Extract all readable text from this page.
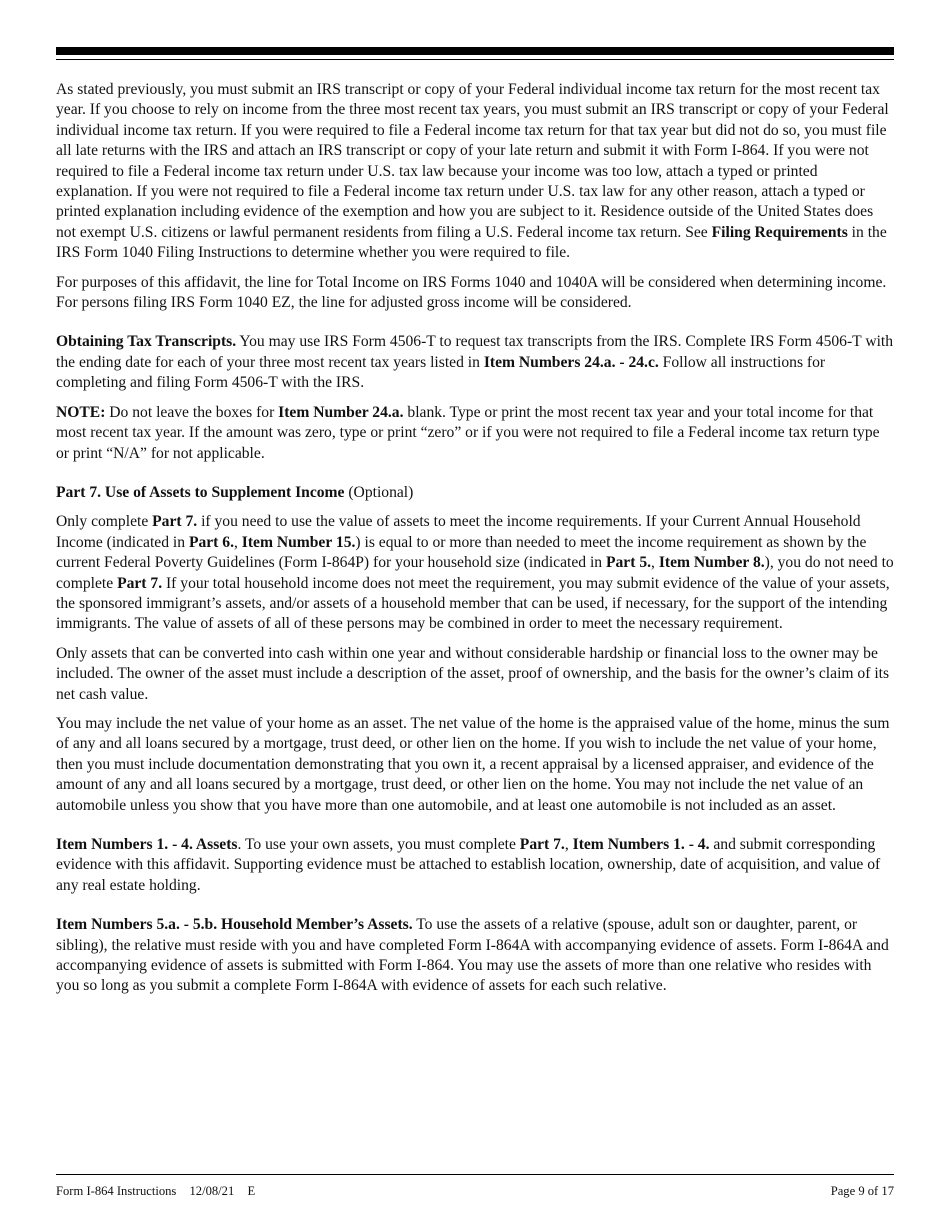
As stated previously, you must submit an IRS transcript or copy of your Federal individual income tax return for the most recent tax year. If you choose to rely on income from the three most recent tax years, you must submit an IRS transcript or copy of your Federal individual income tax return. If you were required to file a Federal income tax return for that tax year but did not do so, you must file all late returns with the IRS and attach an IRS transcript or copy of your late return and submit it with Form I-864. If you were not required to file a Federal income tax return under U.S. tax law because your income was too low, attach a typed or printed explanation. If you were not required to file a Federal income tax return under U.S. tax law for any other reason, attach a typed or printed explanation including evidence of the exemption and how you are subject to it. Residence outside of the United States does not exempt U.S. citizens or lawful permanent residents from filing a U.S. Federal income tax return. See Filing Requirements in the IRS Form 1040 Filing Instructions to determine whether you were required to file.

For purposes of this affidavit, the line for Total Income on IRS Forms 1040 and 1040A will be considered when determining income. For persons filing IRS Form 1040 EZ, the line for adjusted gross income will be considered.

Obtaining Tax Transcripts. You may use IRS Form 4506-T to request tax transcripts from the IRS. Complete IRS Form 4506-T with the ending date for each of your three most recent tax years listed in Item Numbers 24.a. - 24.c. Follow all instructions for completing and filing Form 4506-T with the IRS.

NOTE: Do not leave the boxes for Item Number 24.a. blank. Type or print the most recent tax year and your total income for that most recent tax year. If the amount was zero, type or print “zero” or if you were not required to file a Federal income tax return type or print “N/A” for not applicable.

Part 7. Use of Assets to Supplement Income (Optional)

Only complete Part 7. if you need to use the value of assets to meet the income requirements. If your Current Annual Household Income (indicated in Part 6., Item Number 15.) is equal to or more than needed to meet the income requirement as shown by the current Federal Poverty Guidelines (Form I-864P) for your household size (indicated in Part 5., Item Number 8.), you do not need to complete Part 7. If your total household income does not meet the requirement, you may submit evidence of the value of your assets, the sponsored immigrant’s assets, and/or assets of a household member that can be used, if necessary, for the support of the intending immigrants. The value of assets of all of these persons may be combined in order to meet the necessary requirement.

Only assets that can be converted into cash within one year and without considerable hardship or financial loss to the owner may be included. The owner of the asset must include a description of the asset, proof of ownership, and the basis for the owner’s claim of its net cash value.

You may include the net value of your home as an asset. The net value of the home is the appraised value of the home, minus the sum of any and all loans secured by a mortgage, trust deed, or other lien on the home. If you wish to include the net value of your home, then you must include documentation demonstrating that you own it, a recent appraisal by a licensed appraiser, and evidence of the amount of any and all loans secured by a mortgage, trust deed, or other lien on the home. You may not include the net value of an automobile unless you show that you have more than one automobile, and at least one automobile is not included as an asset.

Item Numbers 1. - 4. Assets. To use your own assets, you must complete Part 7., Item Numbers 1. - 4. and submit corresponding evidence with this affidavit. Supporting evidence must be attached to establish location, ownership, date of acquisition, and value of any real estate holding.

Item Numbers 5.a. - 5.b. Household Member’s Assets. To use the assets of a relative (spouse, adult son or daughter, parent, or sibling), the relative must reside with you and have completed Form I-864A with accompanying evidence of assets. Form I-864A and accompanying evidence of assets is submitted with Form I-864. You may use the assets of more than one relative who resides with you so long as you submit a complete Form I-864A with evidence of assets for each such relative.

Form I-864 Instructions 12/08/21 E	Page 9 of 17
